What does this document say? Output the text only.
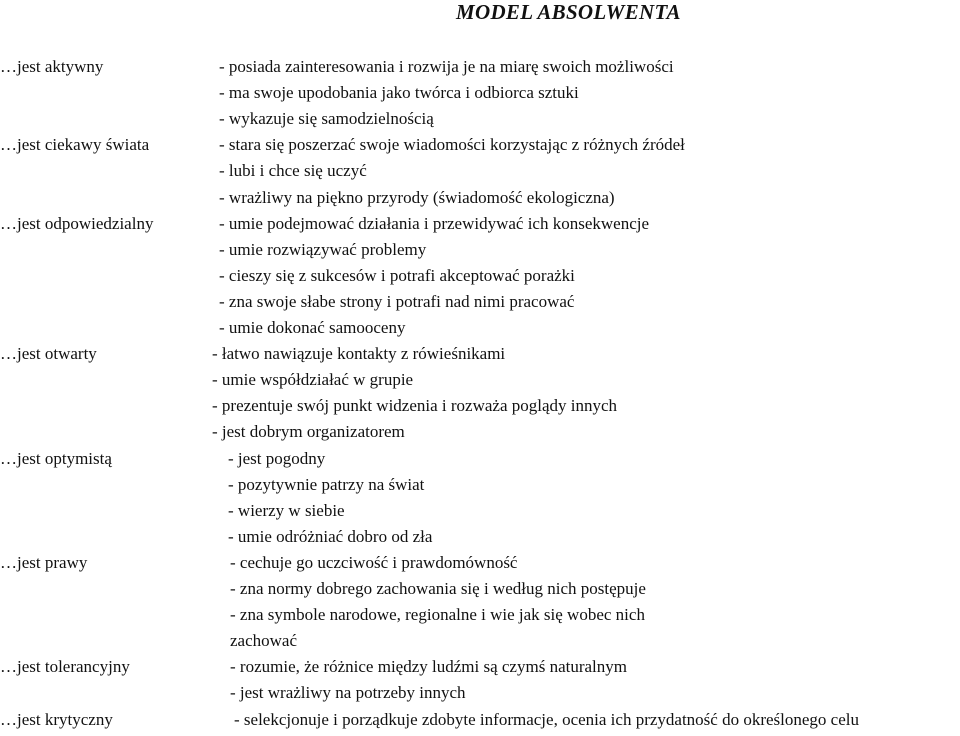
MODEL ABSOLWENTA
…jest aktywny	- posiada zainteresowania i rozwija je na miarę swoich możliwości
- ma swoje upodobania jako twórca i odbiorca sztuki
- wykazuje się samodzielnością
…jest ciekawy świata	- stara się poszerzać swoje wiadomości korzystając z różnych źródeł
- lubi i chce się uczyć
- wrażliwy na piękno przyrody (świadomość ekologiczna)
…jest odpowiedzialny	- umie podejmować działania i przewidywać ich konsekwencje
- umie rozwiązywać problemy
- cieszy się z sukcesów i potrafi akceptować porażki
- zna swoje słabe strony i potrafi nad nimi pracować
- umie dokonać samooceny
…jest otwarty	- łatwo nawiązuje kontakty z rówieśnikami
- umie współdziałać w grupie
- prezentuje swój punkt widzenia i rozważa poglądy innych
- jest dobrym organizatorem
…jest optymistą	- jest pogodny
- pozytywnie patrzy na świat
- wierzy w siebie
- umie odróżniać dobro od zła
…jest prawy	- cechuje go uczciwość i prawdomówność
- zna normy dobrego zachowania się i według nich postępuje
- zna symbole narodowe, regionalne i wie jak się wobec nich
zachować
…jest tolerancyjny	- rozumie, że różnice między ludźmi są czymś naturalnym
- jest wrażliwy na potrzeby innych
…jest krytyczny	- selekcjonuje i porządkuje zdobyte informacje, ocenia ich przydatność do określonego celu
